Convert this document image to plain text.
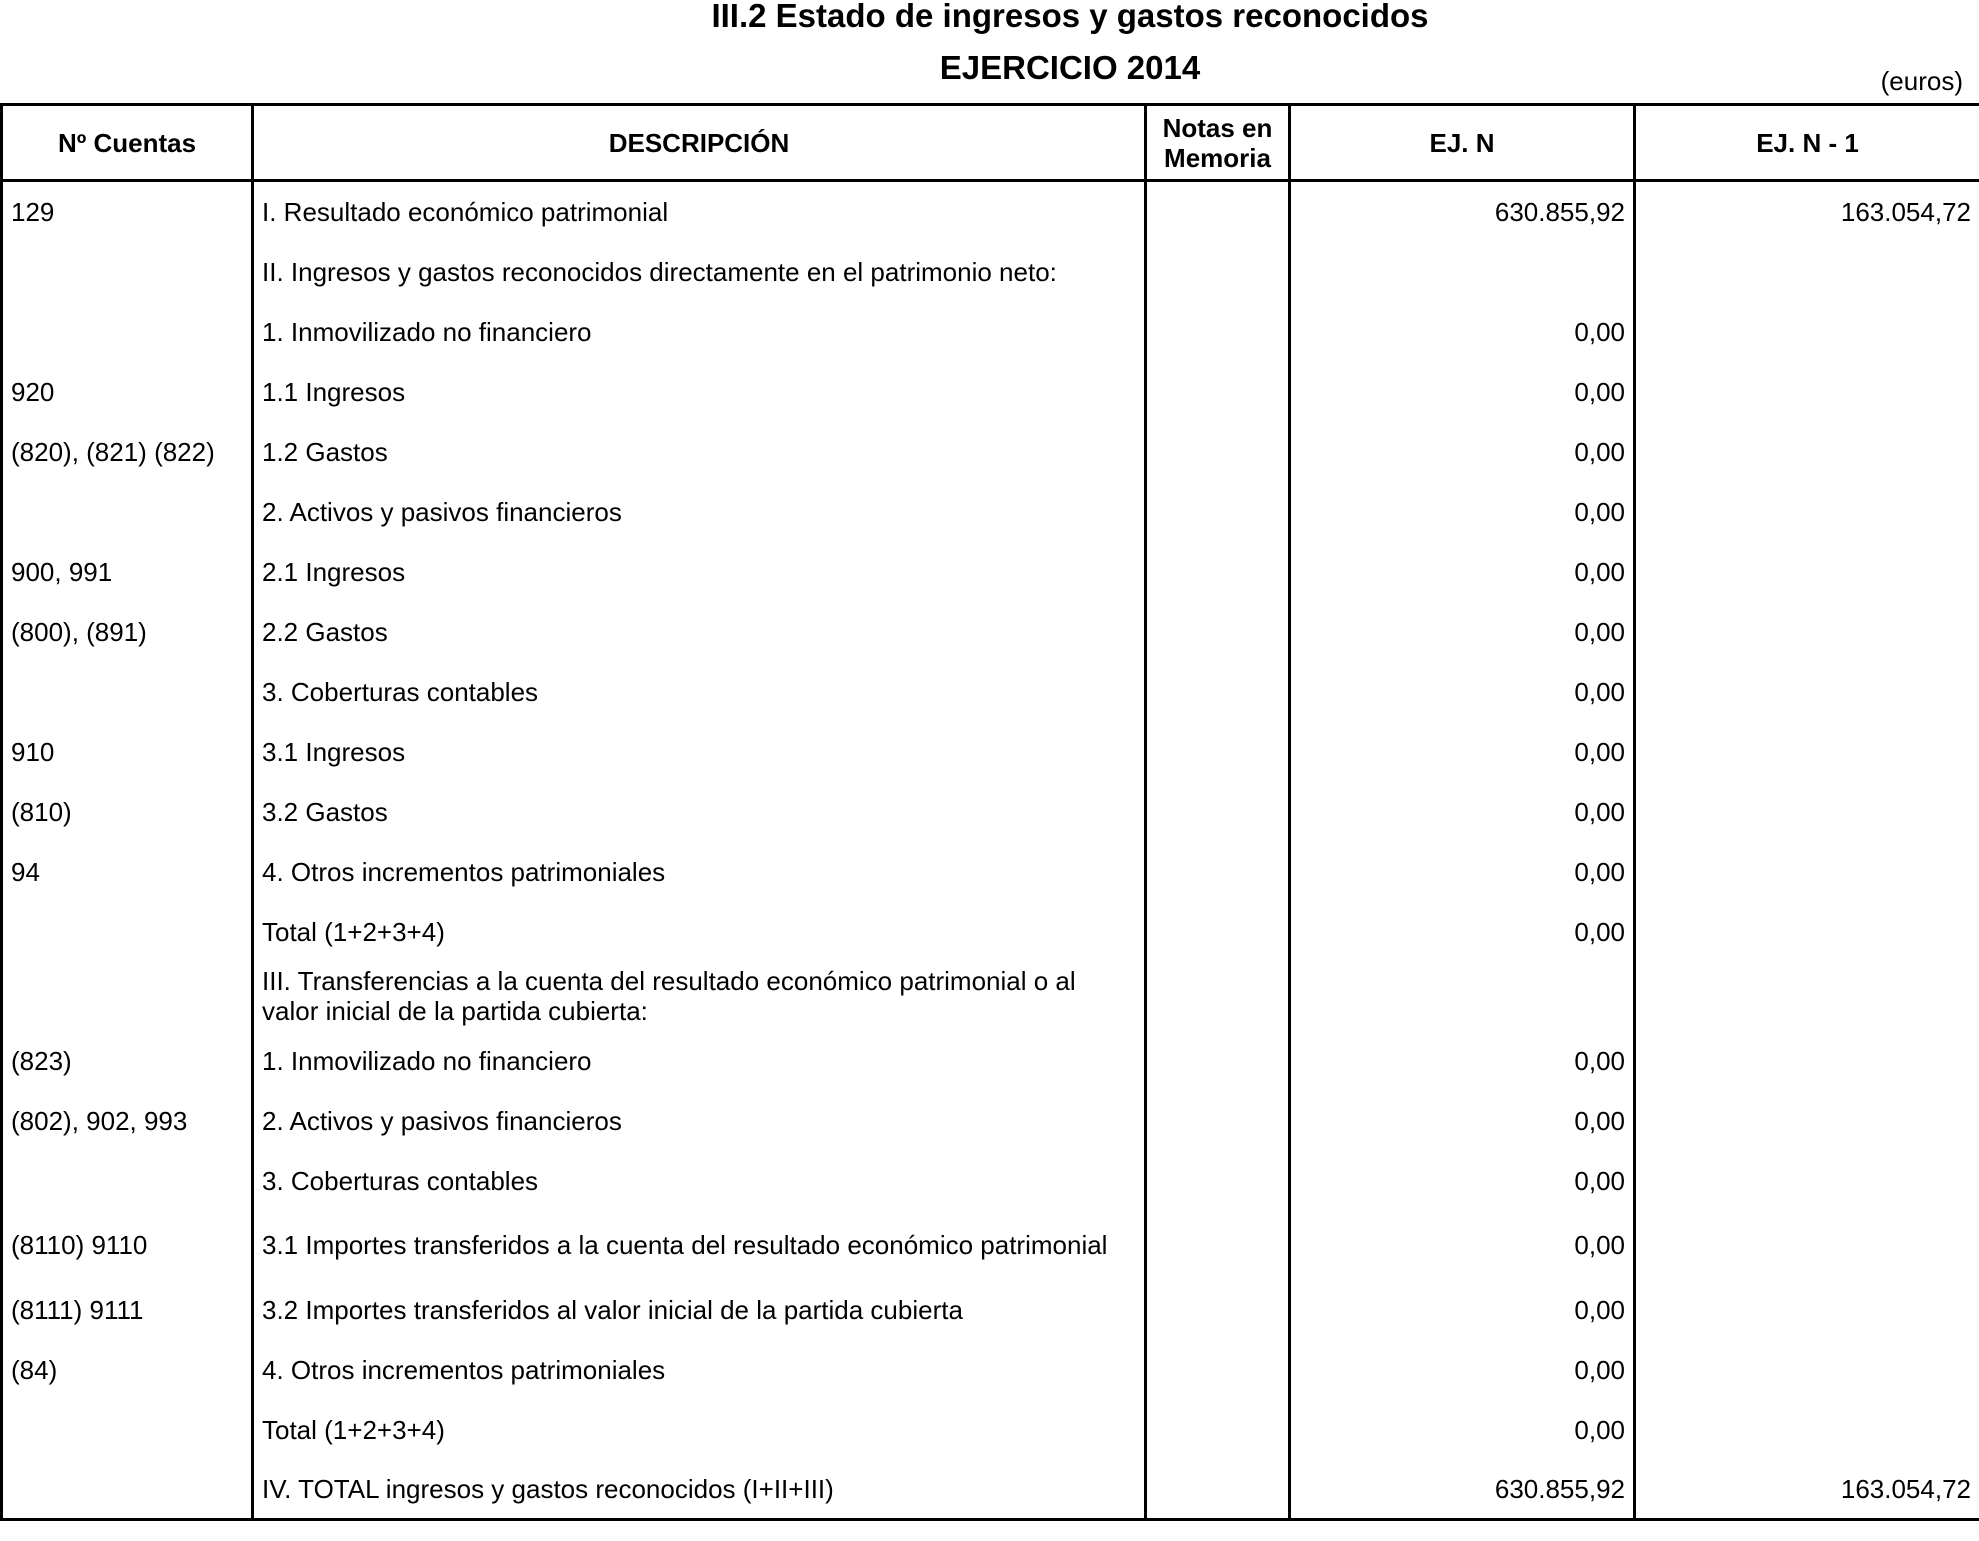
III.2 Estado de ingresos y gastos reconocidos
EJERCICIO 2014	(euros)
Nº Cuentas	DESCRIPCIÓN	Notas en Memoria	EJ. N	EJ. N - 1
129	I. Resultado económico patrimonial		630.855,92	163.054,72
	II. Ingresos y gastos reconocidos directamente en el patrimonio neto:			
	1. Inmovilizado no financiero		0,00	
920	1.1 Ingresos		0,00	
(820), (821) (822)	1.2 Gastos		0,00	
	2. Activos y pasivos financieros		0,00	
900, 991	2.1 Ingresos		0,00	
(800), (891)	2.2 Gastos		0,00	
	3. Coberturas contables		0,00	
910	3.1 Ingresos		0,00	
(810)	3.2 Gastos		0,00	
94	4. Otros incrementos patrimoniales		0,00	
	Total (1+2+3+4)		0,00	
	III. Transferencias a la cuenta del resultado económico patrimonial o al valor inicial de la partida cubierta:			
(823)	1. Inmovilizado no financiero		0,00	
(802), 902, 993	2. Activos y pasivos financieros		0,00	
	3. Coberturas contables		0,00	
(8110) 9110	3.1 Importes transferidos a la cuenta del resultado económico patrimonial		0,00	
(8111) 9111	3.2 Importes transferidos al valor inicial de la partida cubierta		0,00	
(84)	4. Otros incrementos patrimoniales		0,00	
	Total (1+2+3+4)		0,00	
	IV. TOTAL ingresos y gastos reconocidos (I+II+III)		630.855,92	163.054,72
